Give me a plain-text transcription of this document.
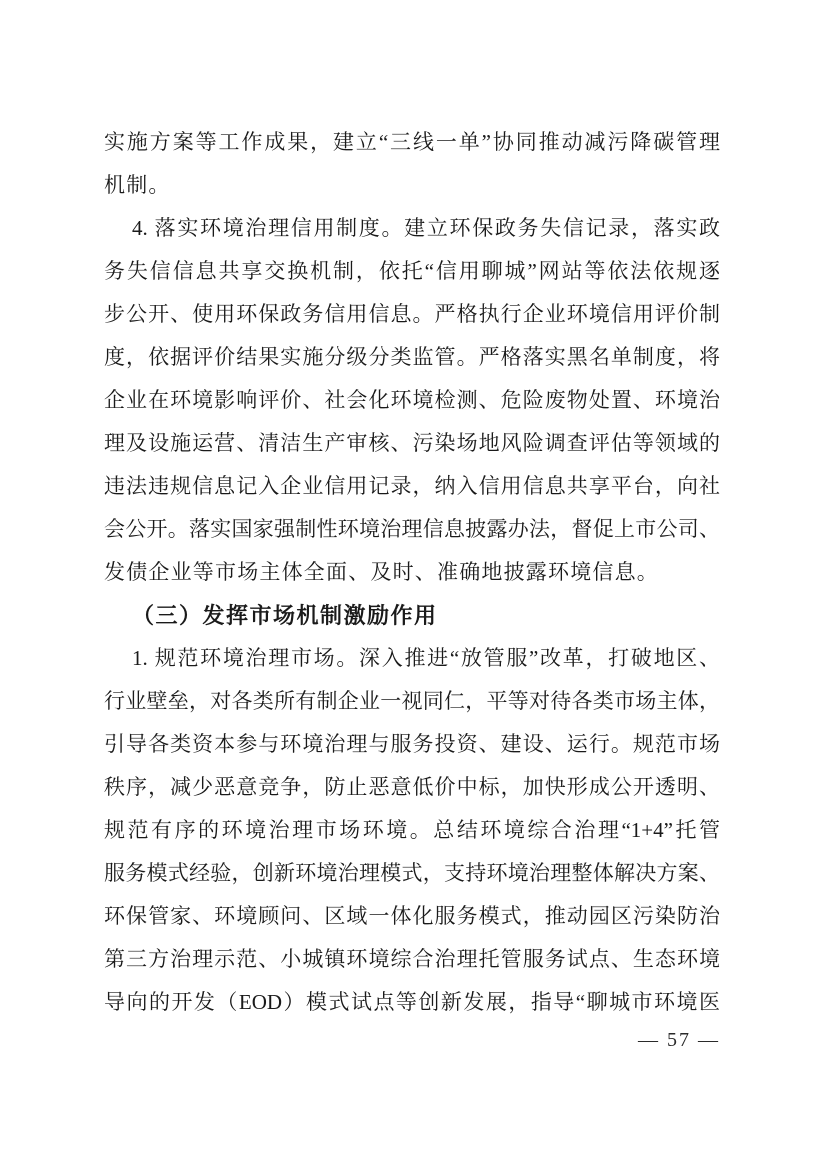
实施方案等工作成果，建立“三线一单”协同推动减污降碳管理
机制。
4. 落实环境治理信用制度。建立环保政务失信记录，落实政
务失信信息共享交换机制，依托“信用聊城”网站等依法依规逐
步公开、使用环保政务信用信息。严格执行企业环境信用评价制
度，依据评价结果实施分级分类监管。严格落实黑名单制度，将
企业在环境影响评价、社会化环境检测、危险废物处置、环境治
理及设施运营、清洁生产审核、污染场地风险调查评估等领域的
违法违规信息记入企业信用记录，纳入信用信息共享平台，向社
会公开。落实国家强制性环境治理信息披露办法，督促上市公司、
发债企业等市场主体全面、及时、准确地披露环境信息。
（三）发挥市场机制激励作用
1. 规范环境治理市场。深入推进“放管服”改革，打破地区、
行业壁垒，对各类所有制企业一视同仁，平等对待各类市场主体，
引导各类资本参与环境治理与服务投资、建设、运行。规范市场
秩序，减少恶意竞争，防止恶意低价中标，加快形成公开透明、
规范有序的环境治理市场环境。总结环境综合治理“1+4”托管
服务模式经验，创新环境治理模式，支持环境治理整体解决方案、
环保管家、环境顾问、区域一体化服务模式，推动园区污染防治
第三方治理示范、小城镇环境综合治理托管服务试点、生态环境
导向的开发（EOD）模式试点等创新发展，指导“聊城市环境医
— 57 —
